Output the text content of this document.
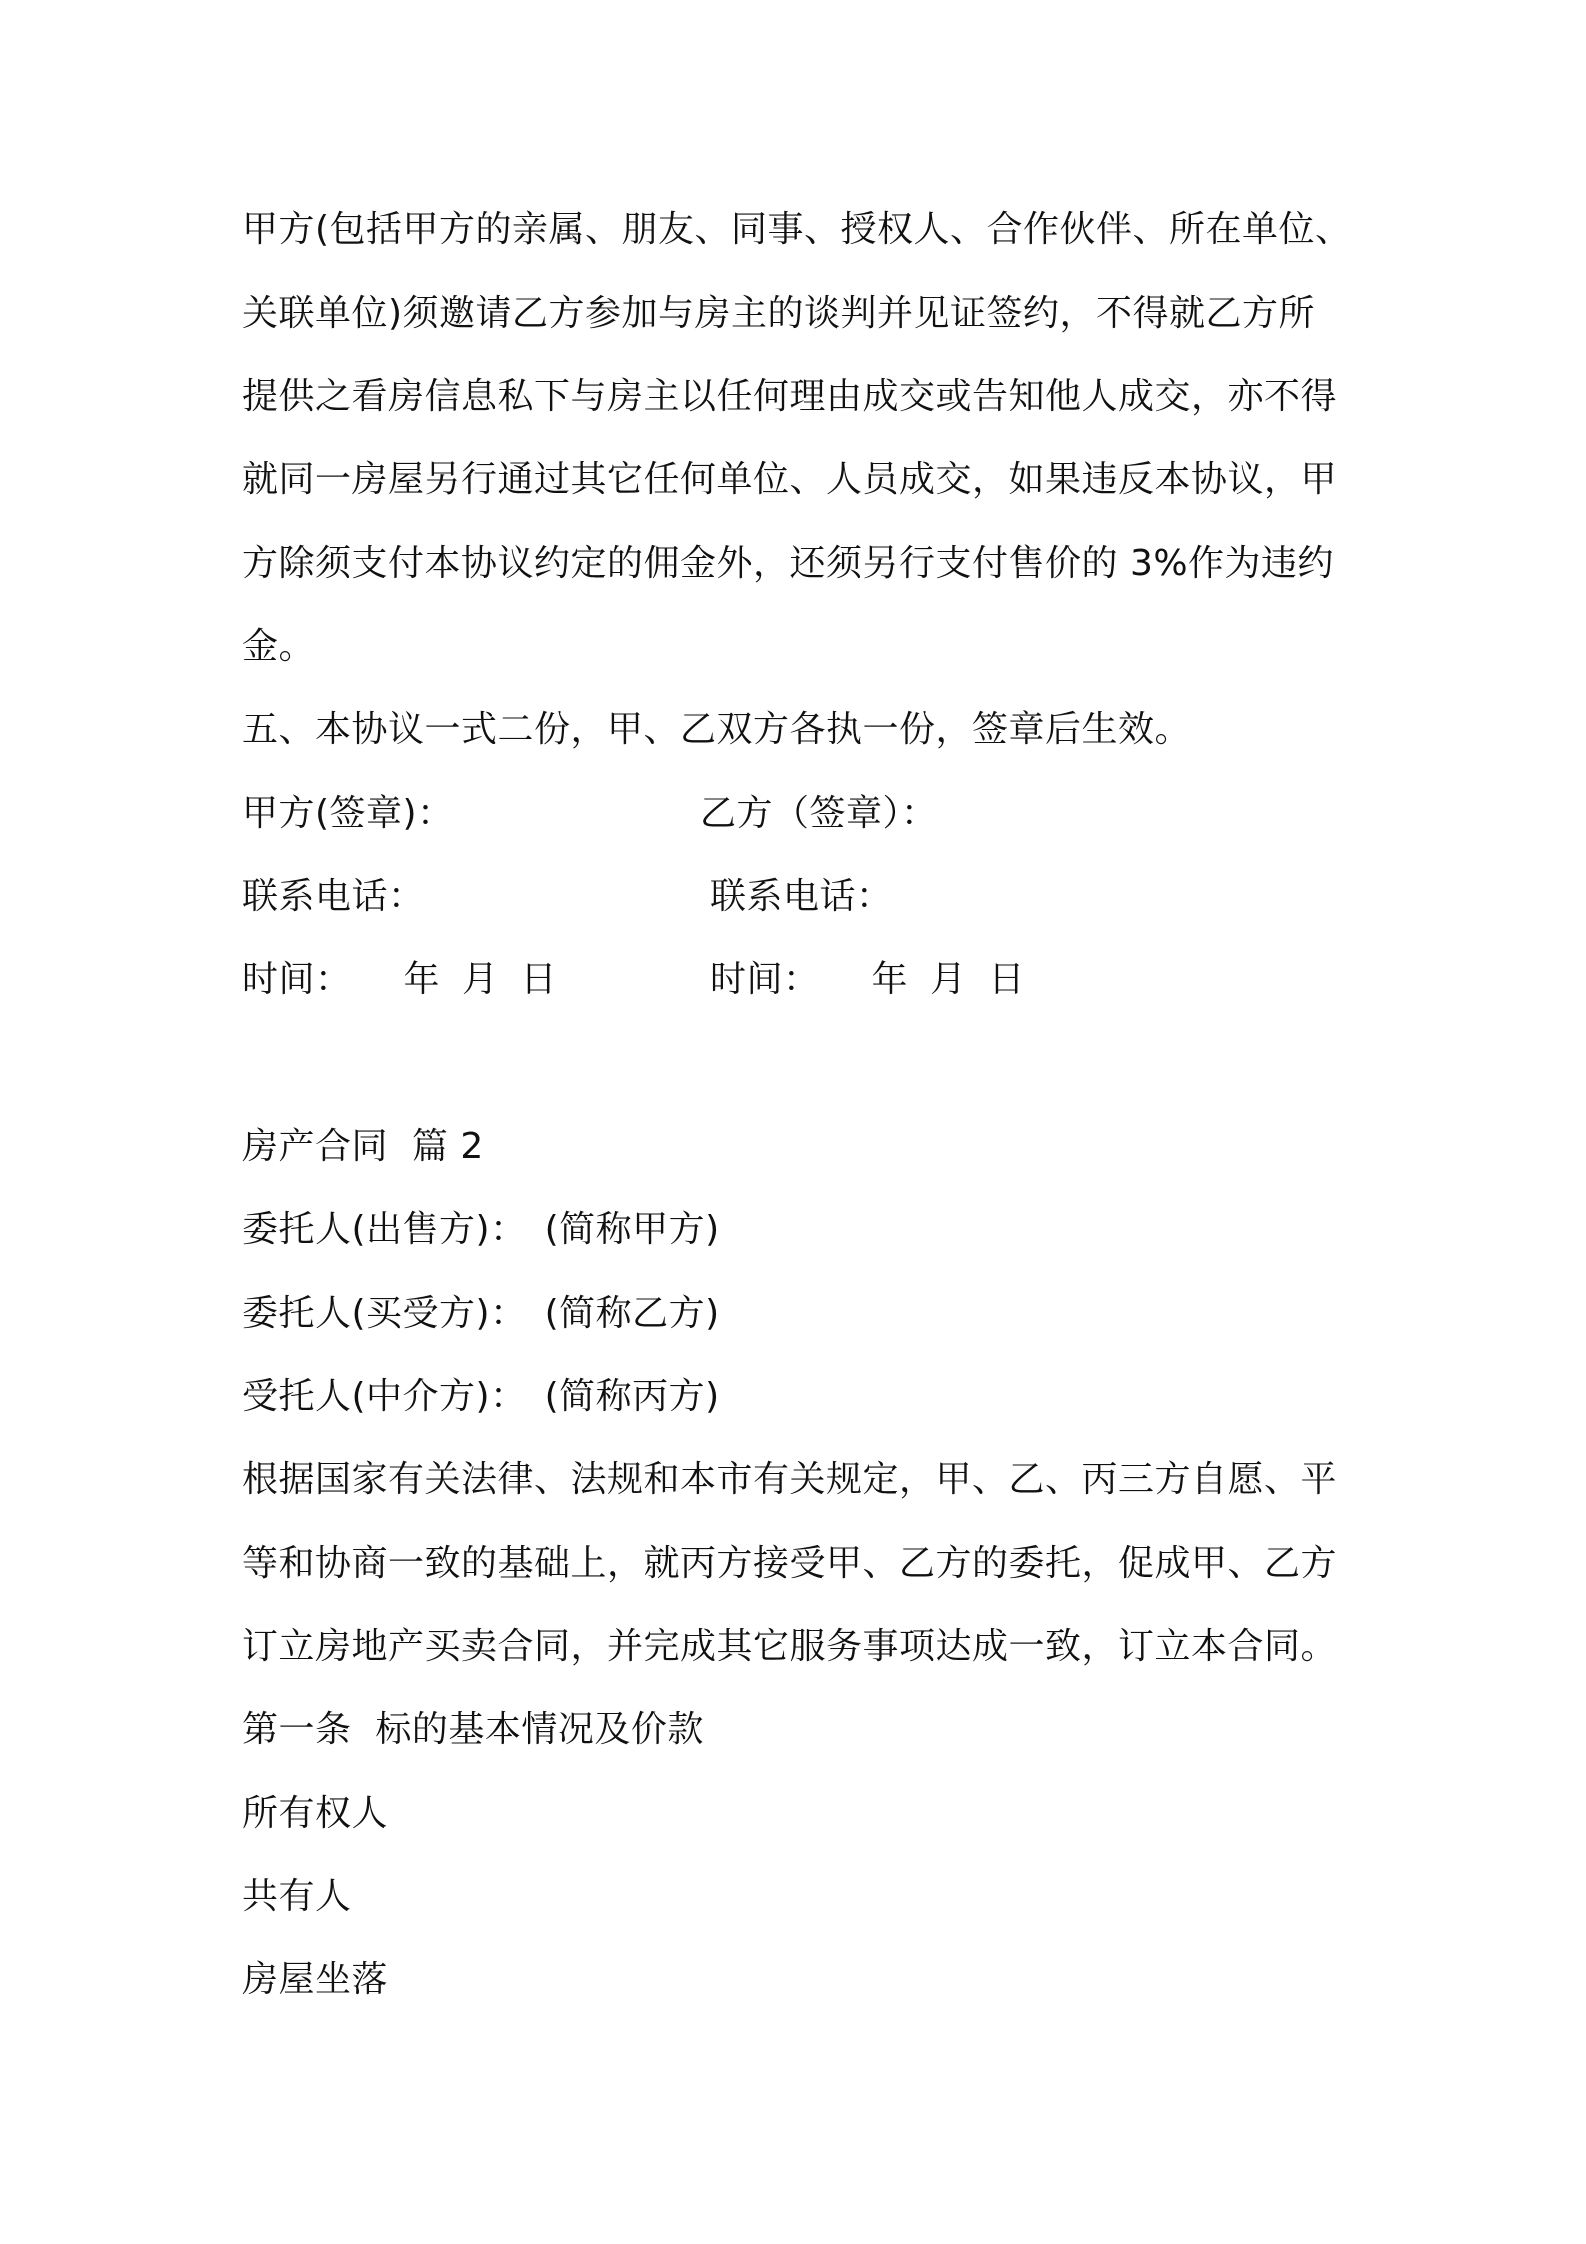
甲方(包括甲方的亲属、朋友、同事、授权人、合作伙伴、所在单位、
关联单位)须邀请乙方参加与房主的谈判并见证签约，不得就乙方所
提供之看房信息私下与房主以任何理由成交或告知他人成交，亦不得
就同一房屋另行通过其它任何单位、人员成交，如果违反本协议，甲
方除须支付本协议约定的佣金外，还须另行支付售价的 3%作为违约
金。
五、本协议一式二份，甲、乙双方各执一份，签章后生效。
甲方(签章)：	乙方（签章）：
联系电话：	联系电话：
时间： 年 月 日	时间： 年 月 日
房产合同  篇 2
委托人(出售方)： (简称甲方)
委托人(买受方)： (简称乙方)
受托人(中介方)： (简称丙方)
根据国家有关法律、法规和本市有关规定，甲、乙、丙三方自愿、平
等和协商一致的基础上，就丙方接受甲、乙方的委托，促成甲、乙方
订立房地产买卖合同，并完成其它服务事项达成一致，订立本合同。
第一条  标的基本情况及价款
所有权人
共有人
房屋坐落
